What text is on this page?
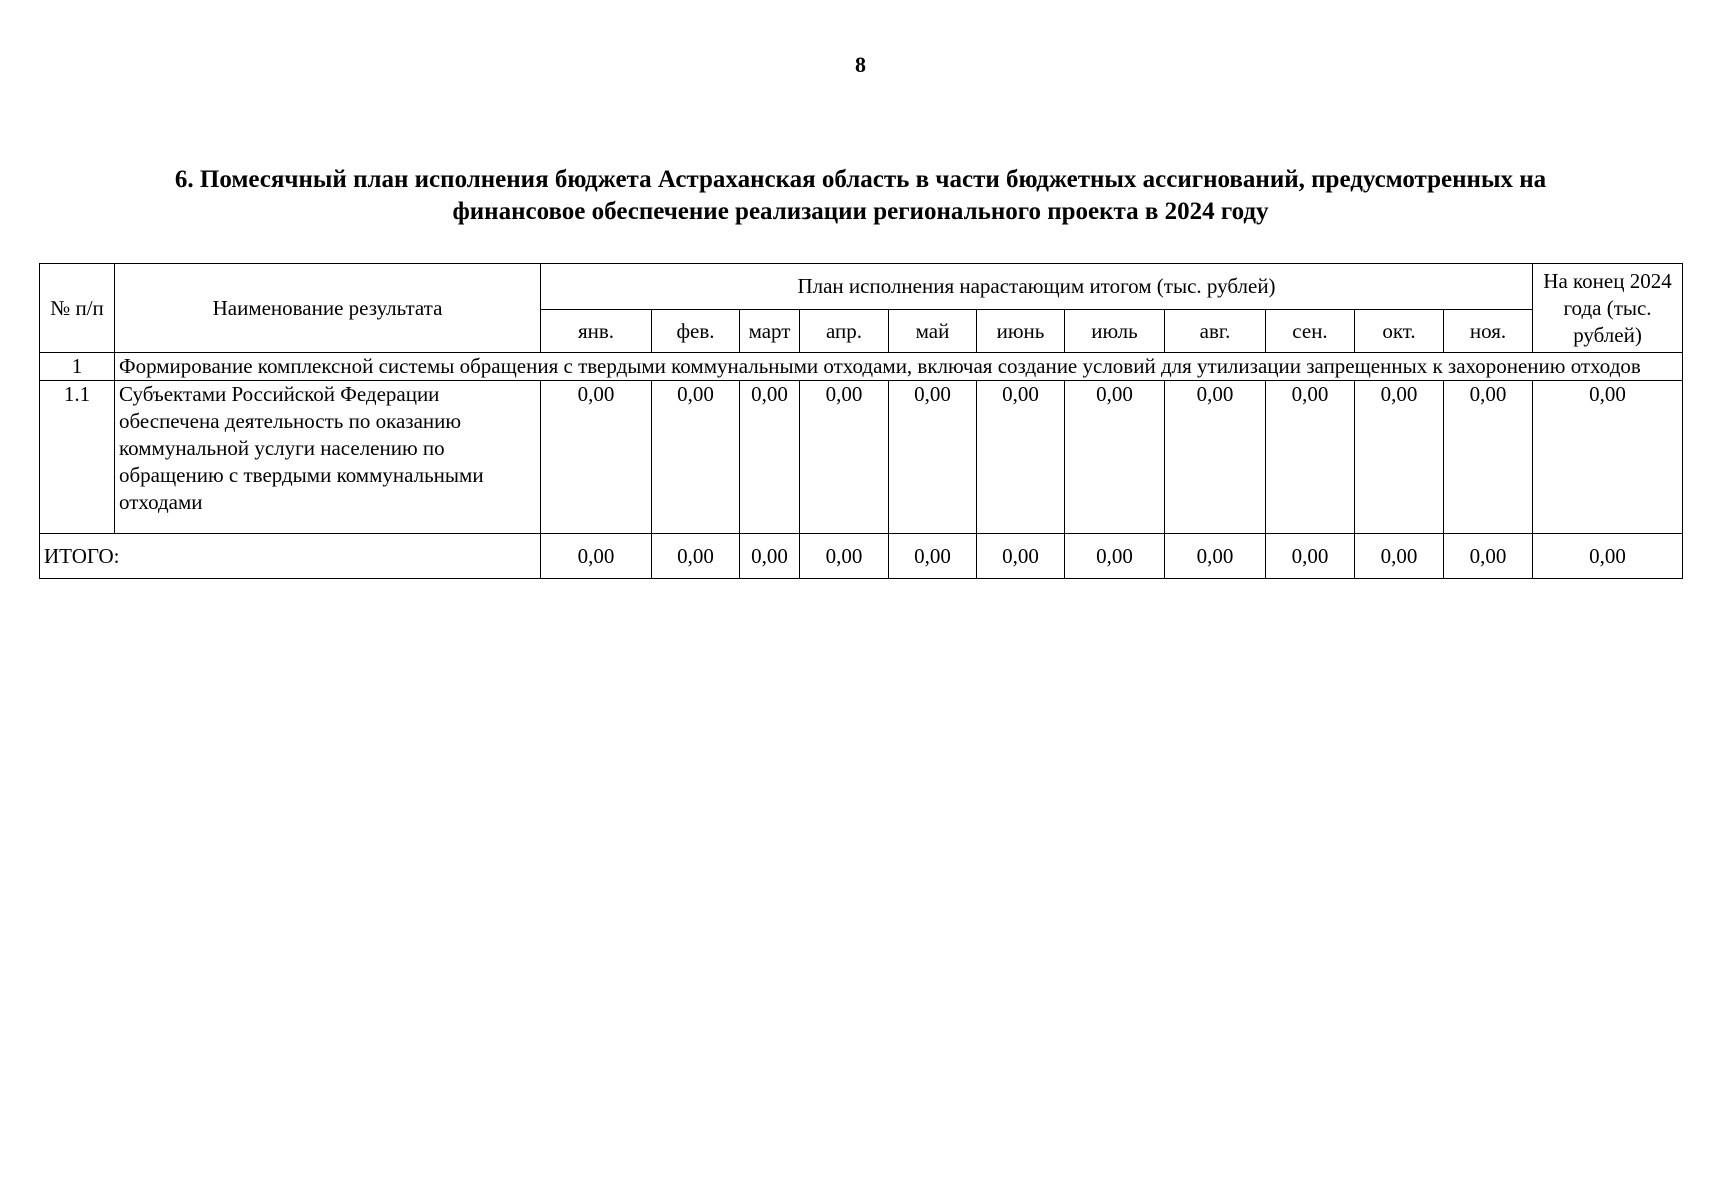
8
6. Помесячный план исполнения бюджета Астраханская область в части бюджетных ассигнований, предусмотренных на
финансовое обеспечение реализации регионального проекта в 2024 году
№ п/п	Наименование результата	План исполнения нарастающим итогом (тыс. рублей)											На конец 2024 года (тыс. рублей)
		янв.	фев.	март	апр.	май	июнь	июль	авг.	сен.	окт.	ноя.	
1	Формирование комплексной системы обращения с твердыми коммунальными отходами, включая создание условий для утилизации запрещенных к захоронению отходов												
1.1	Субъектами Российской Федерации обеспечена деятельность по оказанию коммунальной услуги населению по обращению с твердыми коммунальными отходами	0,00	0,00	0,00	0,00	0,00	0,00	0,00	0,00	0,00	0,00	0,00	0,00
ИТОГО:		0,00	0,00	0,00	0,00	0,00	0,00	0,00	0,00	0,00	0,00	0,00	0,00
